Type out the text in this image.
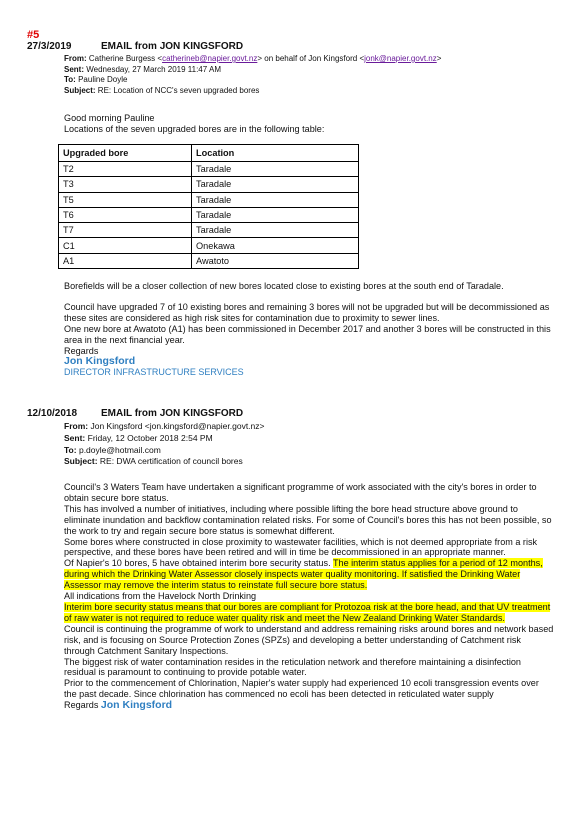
#5
27/3/2019	EMAIL from JON KINGSFORD
From: Catherine Burgess <catherineb@napier.govt.nz> on behalf of Jon Kingsford <jonk@napier.govt.nz>
Sent: Wednesday, 27 March 2019 11:47 AM
To: Pauline Doyle
Subject: RE: Location of NCC's seven upgraded bores

Good morning Pauline

Locations of the seven upgraded bores are in the following table:

Upgraded bore	Location
T2	Taradale
T3	Taradale
T5	Taradale
T6	Taradale
T7	Taradale
C1	Onekawa
A1	Awatoto

Borefields will be a closer collection of new bores located close to existing bores at the south end of Taradale.

Council have upgraded 7 of 10 existing bores and remaining 3 bores will not be upgraded but will be decommissioned as these sites are considered as high risk sites for contamination due to proximity to sewer lines.

One new bore at Awatoto (A1) has been commissioned in December 2017 and another 3 bores will be constructed in this area in the next financial year.

Regards

Jon Kingsford
DIRECTOR INFRASTRUCTURE SERVICES
12/10/2018 EMAIL from JON KINGSFORD
From: Jon Kingsford <jon.kingsford@napier.govt.nz>
Sent: Friday, 12 October 2018 2:54 PM
To: p.doyle@hotmail.com
Subject: RE: DWA certification of council bores

Council's 3 Waters Team have undertaken a significant programme of work associated with the city's bores in order to obtain secure bore status.

This has involved a number of initiatives, including where possible lifting the bore head structure above ground to eliminate inundation and backflow contamination related risks. For some of Council's bores this has not been possible, so the work to try and regain secure bore status is somewhat different.

Some bores where constructed in close proximity to wastewater facilities, which is not deemed appropriate from a risk perspective, and these bores have been retired and will in time be decommissioned in an appropriate manner.

Of Napier's 10 bores, 5 have obtained interim bore security status. The interim status applies for a period of 12 months, during which the Drinking Water Assessor closely inspects water quality monitoring. If satisfied the Drinking Water Assessor may remove the interim status to reinstate full secure bore status.

All indications from the Havelock North Drinking

Interim bore security status means that our bores are compliant for Protozoa risk at the bore head, and that UV treatment of raw water is not required to reduce water quality risk and meet the New Zealand Drinking Water Standards.

Council is continuing the programme of work to understand and address remaining risks around bores and network based risk, and is focusing on Source Protection Zones (SPZs) and developing a better understanding of Catchment risk through Catchment Sanitary Inspections.

The biggest risk of water contamination resides in the reticulation network and therefore maintaining a disinfection residual is paramount to continuing to provide potable water.

Prior to the commencement of Chlorination, Napier's water supply had experienced 10 ecoli transgression events over the past decade. Since chlorination has commenced no ecoli has been detected in reticulated water supply

Regards Jon Kingsford
